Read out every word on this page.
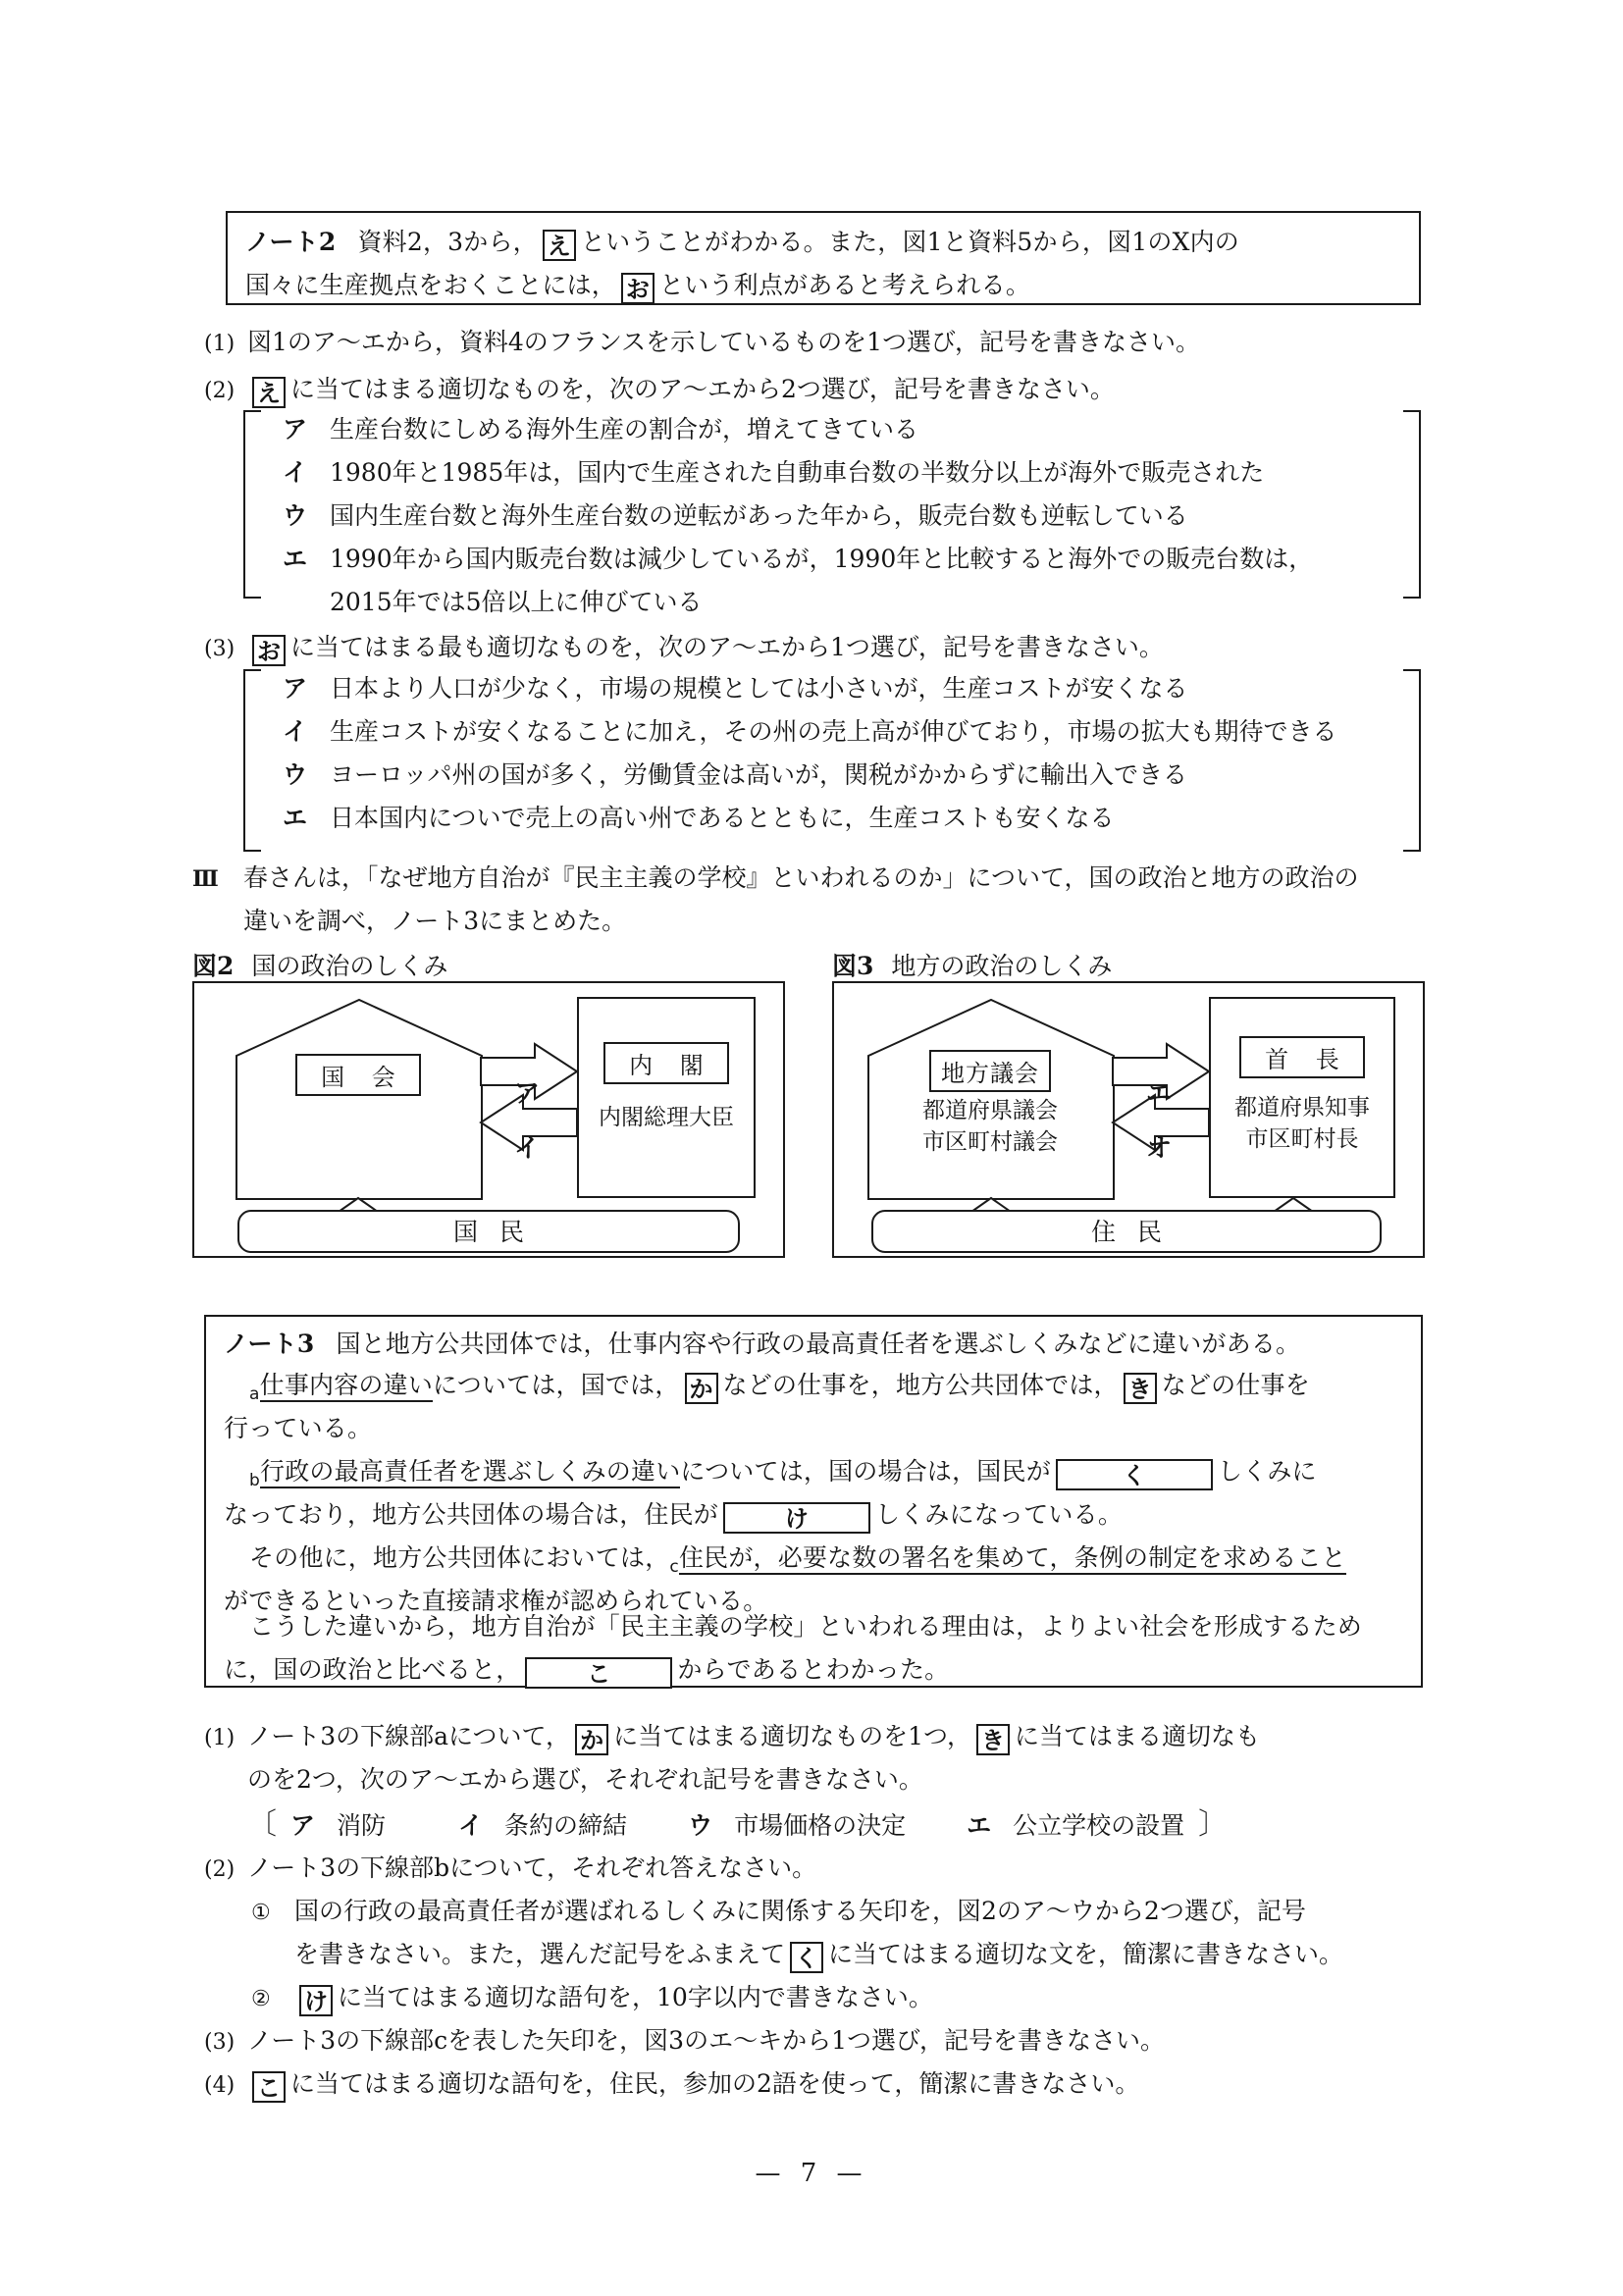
ノート2 資料2，3から， え ということがわかる。また，図1と資料5から，図1のX内の
国々に生産拠点をおくことには， お という利点があると考えられる。
(1) 図1のア～エから，資料4のフランスを示しているものを1つ選び，記号を書きなさい。
(2) え に当てはまる適切なものを，次のア～エから2つ選び，記号を書きなさい。
ア 生産台数にしめる海外生産の割合が，増えてきている
イ 1980年と1985年は，国内で生産された自動車台数の半数分以上が海外で販売された
ウ 国内生産台数と海外生産台数の逆転があった年から，販売台数も逆転している
エ 1990年から国内販売台数は減少しているが，1990年と比較すると海外での販売台数は，
2015年では5倍以上に伸びている
(3) お に当てはまる最も適切なものを，次のア～エから1つ選び，記号を書きなさい。
ア 日本より人口が少なく，市場の規模としては小さいが，生産コストが安くなる
イ 生産コストが安くなることに加え，その州の売上高が伸びており，市場の拡大も期待できる
ウ ヨーロッパ州の国が多く，労働賃金は高いが，関税がかからずに輸出入できる
エ 日本国内についで売上の高い州であるとともに，生産コストも安くなる
Ⅲ 春さんは，「なぜ地方自治が『民主主義の学校』といわれるのか」について，国の政治と地方の政治の
違いを調べ，ノート3にまとめた。
図2 国の政治のしくみ
国 会	内 閣
内閣総理大臣
ア
イ
国民
図3 地方の政治のしくみ
地方議会
都道府県議会
市区町村議会
首 長
都道府県知事
市区町村長
エ
オ
住民
ノート3 国と地方公共団体では，仕事内容や行政の最高責任者を選ぶしくみなどに違いがある。
$_a$仕事内容の違いについては，国では， か などの仕事を，地方公共団体では， き などの仕事を
行っている。
$_b$行政の最高責任者を選ぶしくみの違いについては，国の場合は，国民が	く	しくみに
なっており，地方公共団体の場合は，住民が	け	しくみになっている。
その他に，地方公共団体においては，$_c$住民が，必要な数の署名を集めて，条例の制定を求めること
ができるといった直接請求権が認められている。
こうした違いから，地方自治が「民主主義の学校」といわれる理由は，よりよい社会を形成するため
に，国の政治と比べると，	こ	からであるとわかった。
(1) ノート3の下線部aについて， か に当てはまる適切なものを1つ， き に当てはまる適切なも
のを2つ，次のア～エから選び，それぞれ記号を書きなさい。
〔 ア 消防	イ 条約の締結 ウ 市場価格の決定 エ 公立学校の設置 〕
(2) ノート3の下線部bについて，それぞれ答えなさい。
① 国の行政の最高責任者が選ばれるしくみに関係する矢印を，図2のア～ウから2つ選び，記号
を書きなさい。また，選んだ記号をふまえて く に当てはまる適切な文を，簡潔に書きなさい。
② け に当てはまる適切な語句を，10字以内で書きなさい。
(3) ノート3の下線部cを表した矢印を，図3のエ～キから1つ選び，記号を書きなさい。
(4) こ に当てはまる適切な語句を，住民，参加の2語を使って，簡潔に書きなさい。
— 7 —
